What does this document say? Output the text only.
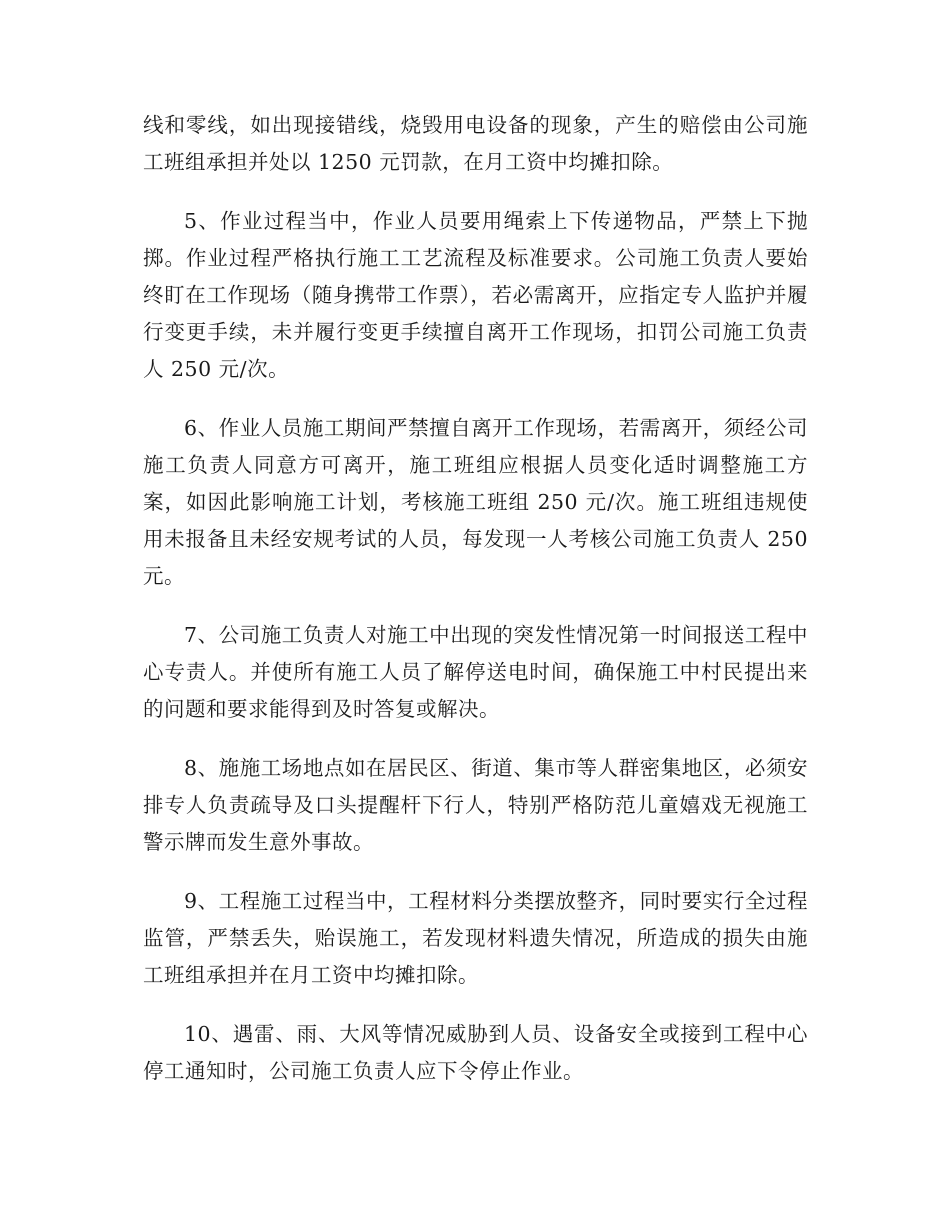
线和零线，如出现接错线，烧毁用电设备的现象，产生的赔偿由公司施工班组承担并处以 1250 元罚款，在月工资中均摊扣除。

5、作业过程当中，作业人员要用绳索上下传递物品，严禁上下抛掷。作业过程严格执行施工工艺流程及标准要求。公司施工负责人要始终盯在工作现场（随身携带工作票），若必需离开，应指定专人监护并履行变更手续，未并履行变更手续擅自离开工作现场，扣罚公司施工负责人 250 元/次。

6、作业人员施工期间严禁擅自离开工作现场，若需离开，须经公司施工负责人同意方可离开，施工班组应根据人员变化适时调整施工方案，如因此影响施工计划，考核施工班组 250 元/次。施工班组违规使用未报备且未经安规考试的人员，每发现一人考核公司施工负责人 250 元。

7、公司施工负责人对施工中出现的突发性情况第一时间报送工程中心专责人。并使所有施工人员了解停送电时间，确保施工中村民提出来的问题和要求能得到及时答复或解决。

8、施施工场地点如在居民区、街道、集市等人群密集地区，必须安排专人负责疏导及口头提醒杆下行人，特别严格防范儿童嬉戏无视施工警示牌而发生意外事故。

9、工程施工过程当中，工程材料分类摆放整齐，同时要实行全过程监管，严禁丢失，贻误施工，若发现材料遗失情况，所造成的损失由施工班组承担并在月工资中均摊扣除。

10、遇雷、雨、大风等情况威胁到人员、设备安全或接到工程中心停工通知时，公司施工负责人应下令停止作业。
